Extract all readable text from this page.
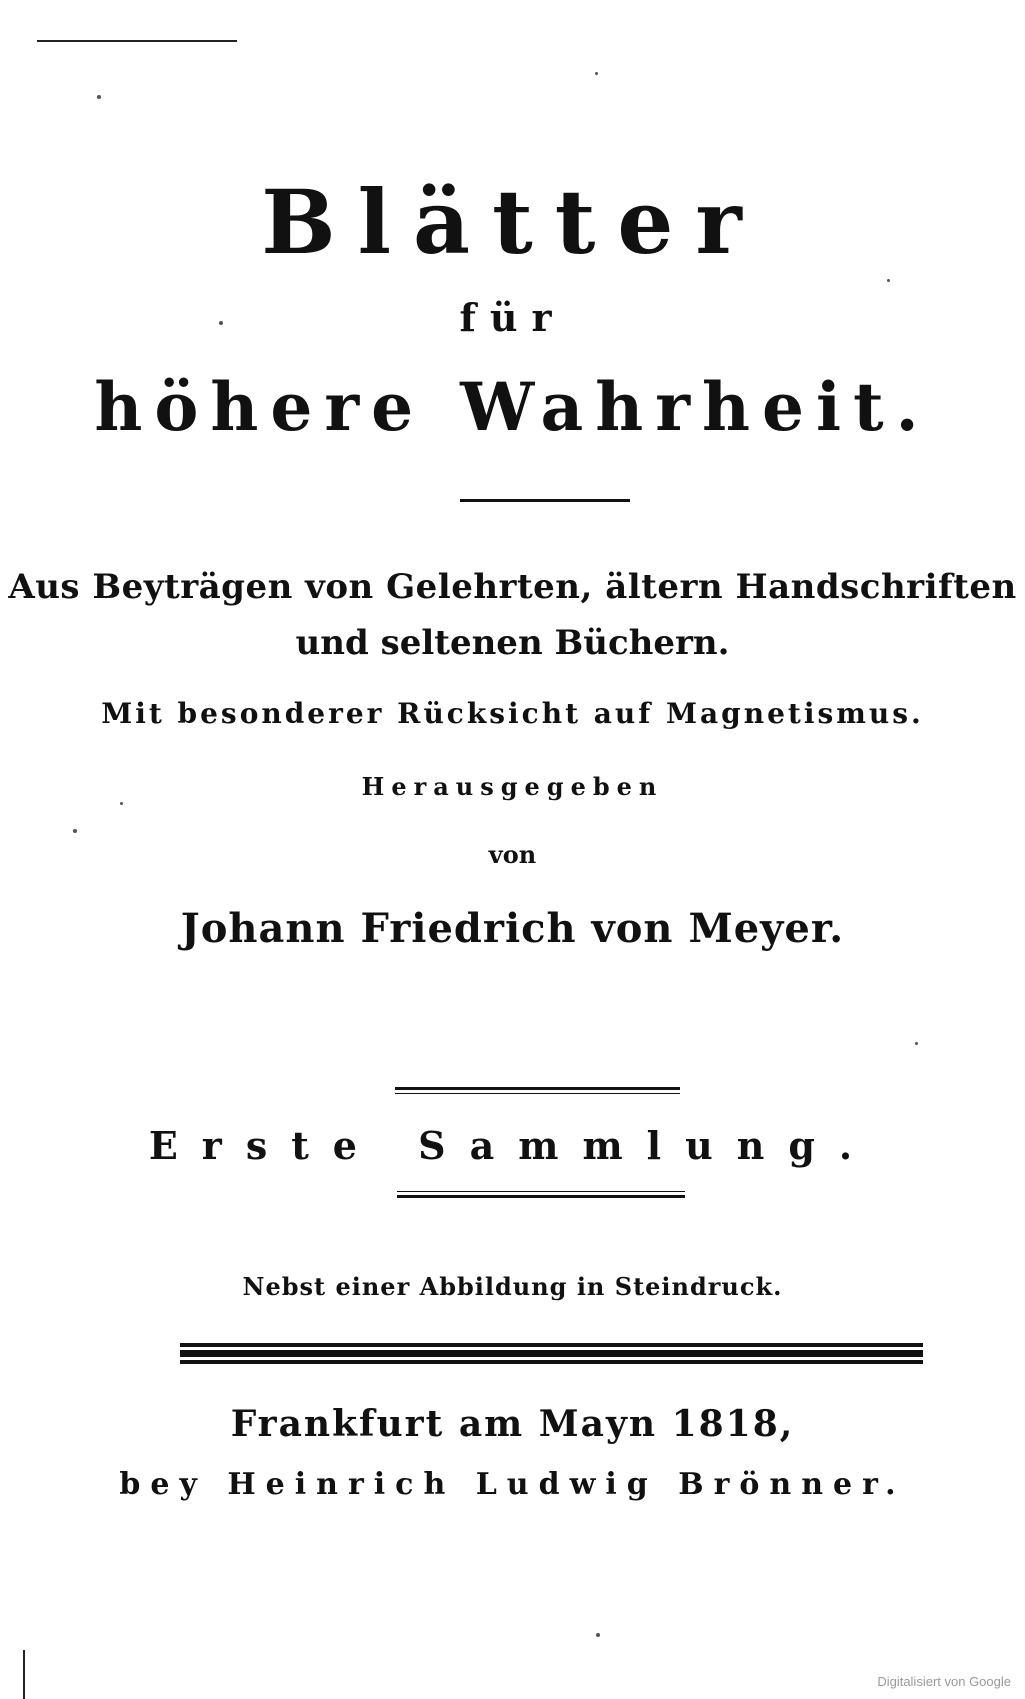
Blätter
für
höhere Wahrheit.
Aus Beyträgen von Gelehrten, ältern Handschriften
und seltenen Büchern.
Mit besonderer Rücksicht auf Magnetismus.
Herausgegeben
von
Johann Friedrich von Meyer.
Erste Sammlung.
Nebst einer Abbildung in Steindruck.
Frankfurt am Mayn 1818,
bey Heinrich Ludwig Brönner.
Digitalisiert von Google
